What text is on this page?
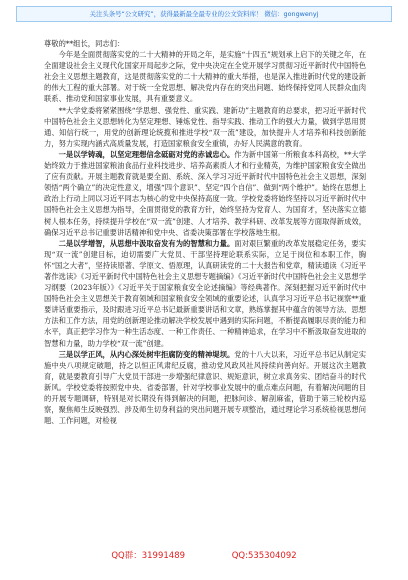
关注头条号“公文研究”，获得最新最全最专业的公文资料库！ 微信：gongwenyj

尊敬的**组长，同志们：

今年是全面贯彻落实党的二十大精神的开局之年，是实施“十四五”规划承上启下的关键之年，在全面建设社会主义现代化国家开局起步之际，党中央决定在全党开展学习贯彻习近平新时代中国特色社会主义思想主题教育，这是贯彻落实党的二十大精神的重大举措，也是深入推进新时代党的建设新的伟大工程的重大部署。对于统一全党思想、解决党内存在的突出问题、始终保持党同人民群众血肉联系、推动党和国家事业发展，具有重要意义。

**大学党委将紧紧围绕“学思想、强党性、重实践、建新功”主题教育的总要求，把习近平新时代中国特色社会主义思想转化为坚定理想、锤炼党性、指导实践、推动工作的强大力量，做到学思用贯通、知信行统一，用党的创新理论统揽和推进学校“双一流”建设，加快提升人才培养和科技创新能力，努力实现内涵式高质量发展，打造国家粮食安全重镇，办好人民满意的教育。

一是以学铸魂，以坚定理想信念砥砺对党的赤诚忠心。作为新中国第一所粮食本科高校，**大学始终致力于推进国家粮油食品行业科技进步、培养高素质人才和行业精英，为维护国家粮食安全做出了应有贡献。开展主题教育就是要全面、系统、深入学习习近平新时代中国特色社会主义思想，深刻领悟“两个确立”的决定性意义，增强“四个意识”、坚定“四个自信”、做到“两个维护”。始终在思想上政治上行动上同以习近平同志为核心的党中央保持高度一致。学校党委将始终坚持以习近平新时代中国特色社会主义思想为指导，全面贯彻党的教育方针，始终坚持为党育人、为国育才，坚决落实立德树人根本任务，持续提升学校在“双一流”创建、人才培养、教学科研、改革发展等方面取得新成效，确保习近平总书记重要讲话精神和党中央、省委决策部署在学校落地生根。

二是以学增智，从思想中汲取奋发有为的智慧和力量。面对艰巨繁重的改革发展稳定任务，要实现“双一流”创建目标，迫切需要广大党员、干部坚持理论联系实际，立足于岗位和本职工作，胸怀“国之大者”，坚持读原著、学原文、悟原理，认真研读党的二十大报告和党章，精读通读《习近平著作选读》《习近平新时代中国特色社会主义思想专题摘编》《习近平新时代中国特色社会主义思想学习纲要（2023年版）》《习近平关于国家粮食安全论述摘编》等经典著作。深刻把握习近平新时代中国特色社会主义思想关于教育领域和国家粮食安全领域的重要论述，认真学习习近平总书记视察**重要讲话重要指示，及时跟进习近平总书记最新重要讲话和文章，熟练掌握其中蕴含的领导方法、思想方法和工作方法，用党的创新理论推动解决学校发展中遇到的实际问题，不断提高履职尽责的能力和水平，真正把学习作为一种生活态度、一种工作责任、一种精神追求，在学习中不断汲取奋发进取的智慧和力量，助力学校“双一流”创建。

三是以学正风，从内心深处树牢拒腐防变的精神堤坝。党的十八大以来，习近平总书记从制定实施中央八项规定破题，持之以恒正风肃纪反腐，推动党风政风社风持续向善向好。开展这次主题教育，就是要教育引导广大党员干部进一步增强纪律意识、规矩意识，树立求真务实、团结奋斗的时代新风。学校党委将按照党中央、省委部署，针对学校事业发展中的重点难点问题，有着解决问题的目的开展专题调研，特别是对长期没有得到解决的问题，把脉问诊、解剖麻雀，借助于第三轮校内巡察，聚焦师生反映强烈、涉及师生切身利益的突出问题开展专项整治，通过理论学习系统检视思想问题、工作问题，对检视

QQ群：31991489	QQ:535304092
